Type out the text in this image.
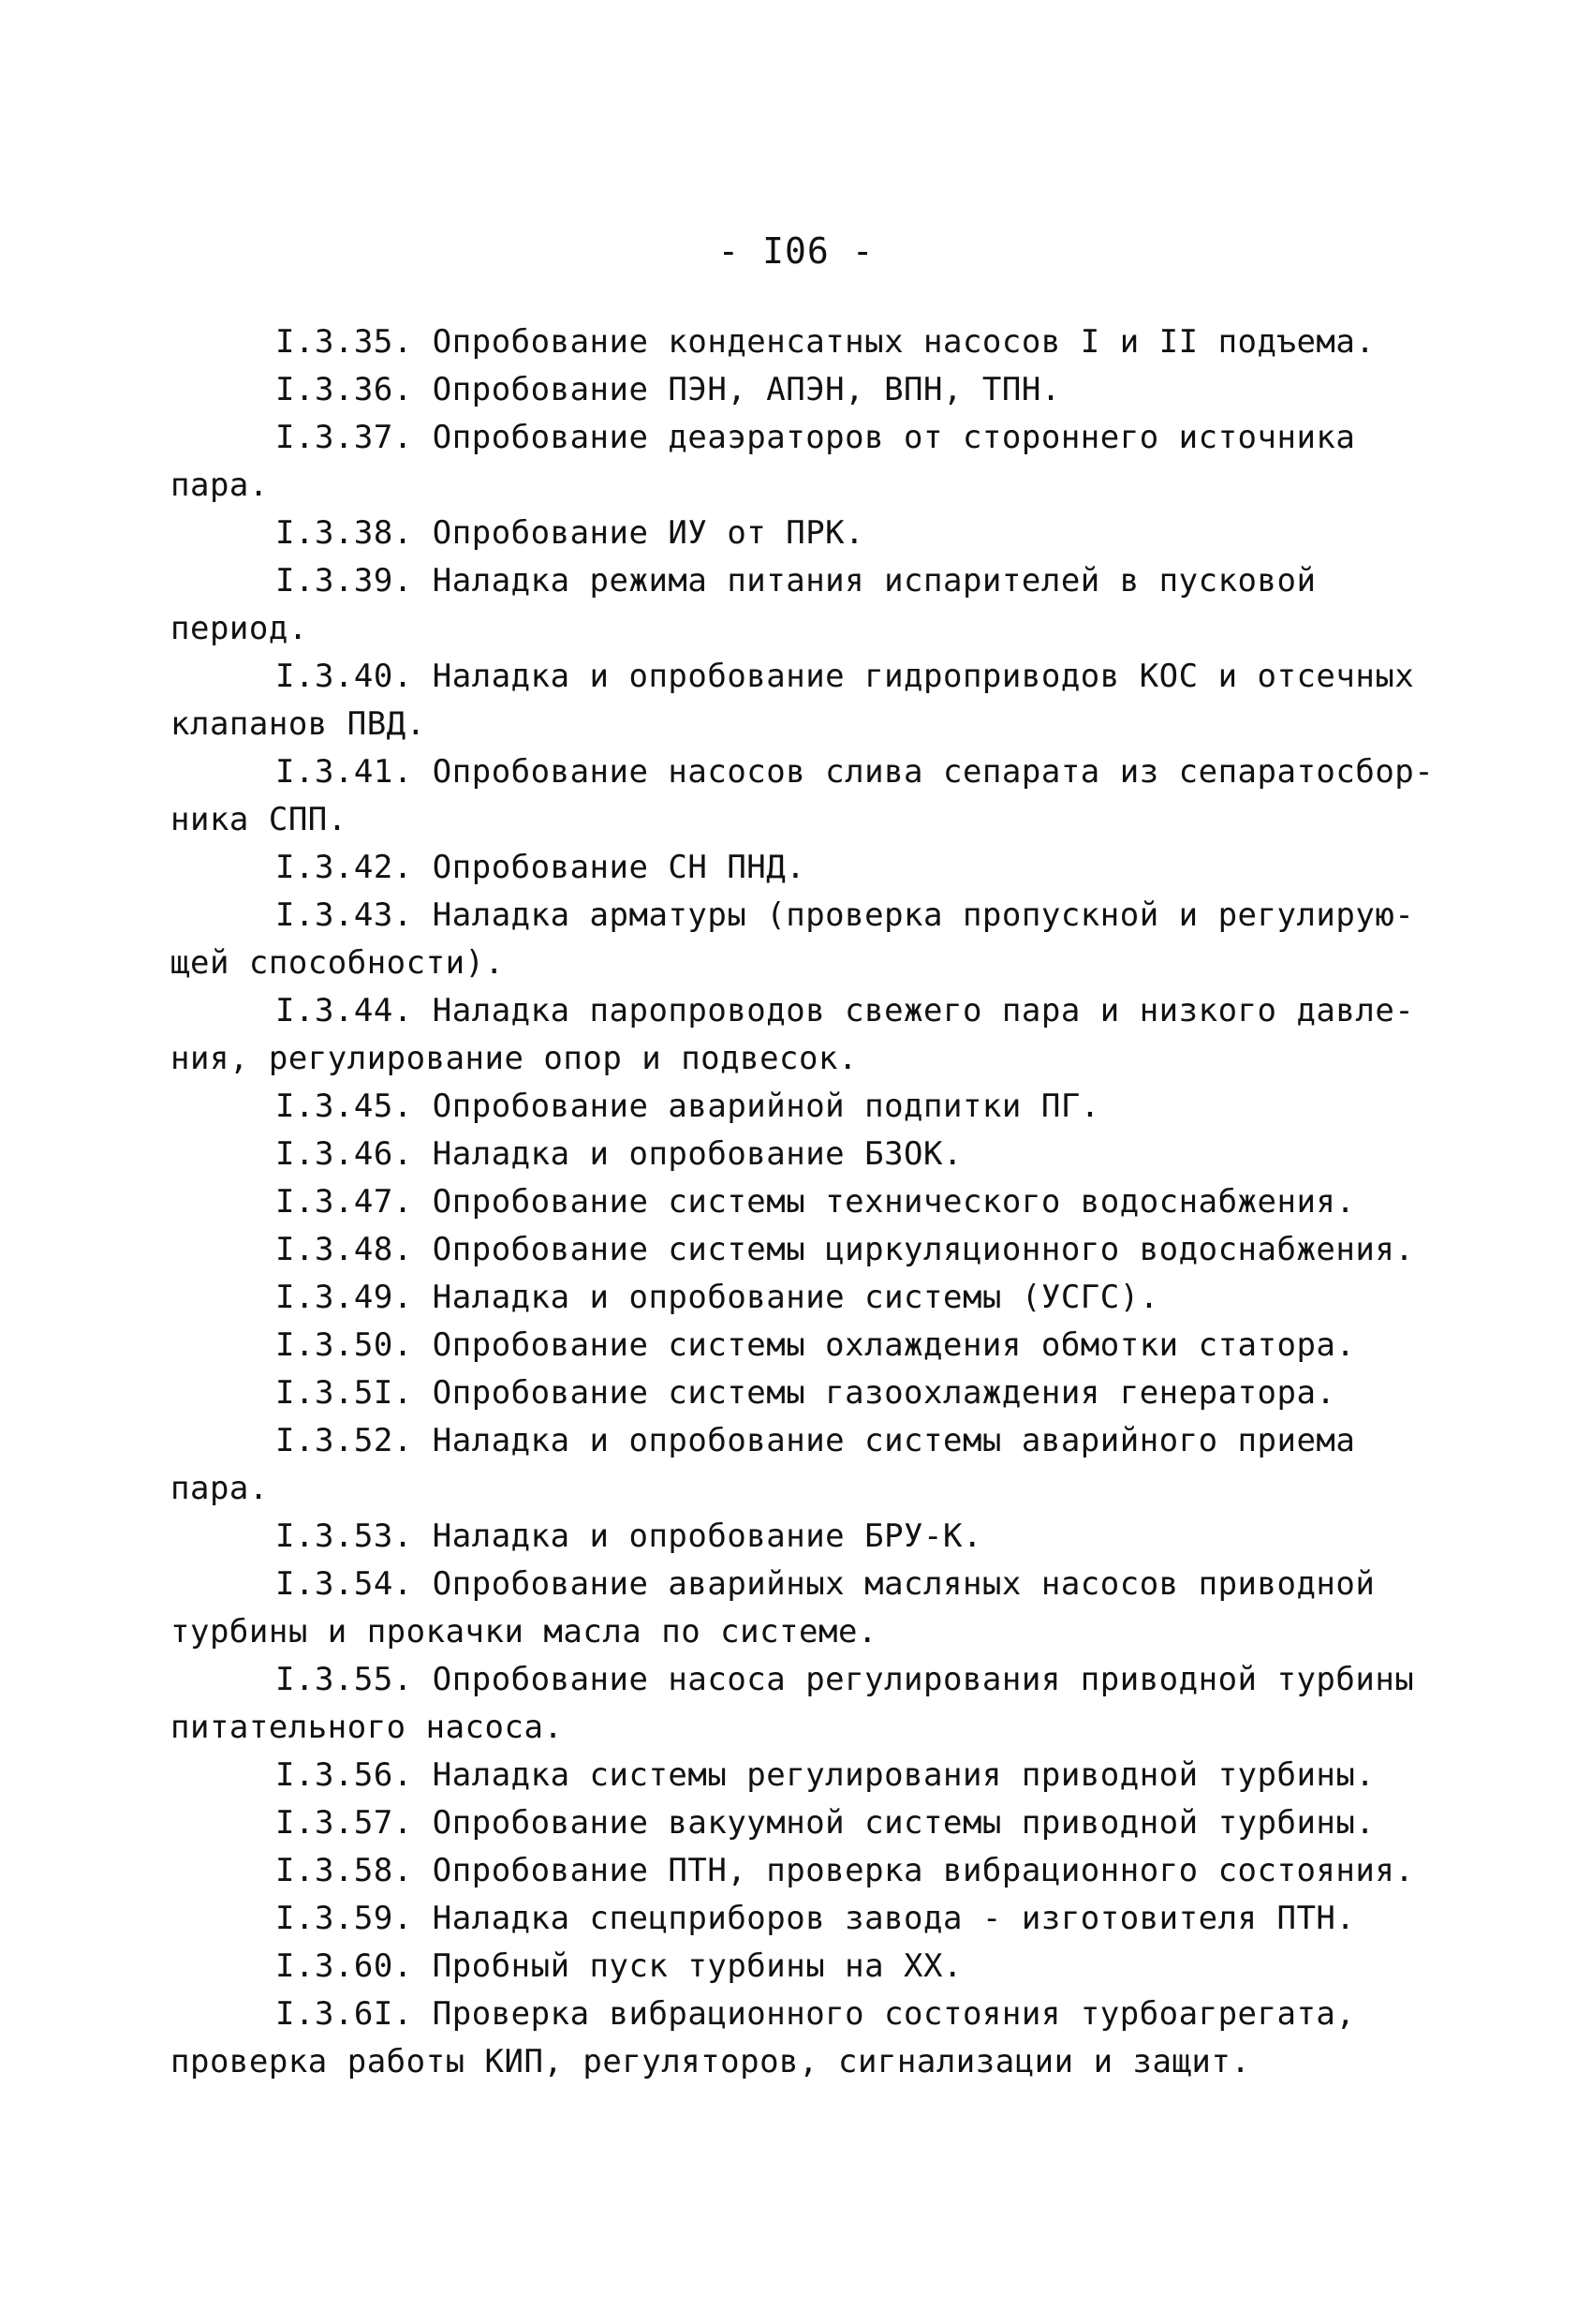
- I06 -
I.3.35. Опробование конденсатных насосов I и II подъема.
I.3.36. Опробование ПЭН, АПЭН, ВПН, ТПН.
I.3.37. Опробование деаэраторов от стороннего источника
пара.
I.3.38. Опробование ИУ от ПРК.
I.3.39. Наладка режима питания испарителей в пусковой
период.
I.3.40. Наладка и опробование гидроприводов КОС и отсечных
клапанов ПВД.
I.3.41. Опробование насосов слива сепарата из сепаратосбор-
ника СПП.
I.3.42. Опробование СН ПНД.
I.3.43. Наладка арматуры (проверка пропускной и регулирую-
щей способности).
I.3.44. Наладка паропроводов свежего пара и низкого давле-
ния, регулирование опор и подвесок.
I.3.45. Опробование аварийной подпитки ПГ.
I.3.46. Наладка и опробование БЗОК.
I.3.47. Опробование системы технического водоснабжения.
I.3.48. Опробование системы циркуляционного водоснабжения.
I.3.49. Наладка и опробование системы (УСГС).
I.3.50. Опробование системы охлаждения обмотки статора.
I.3.5I. Опробование системы газоохлаждения генератора.
I.3.52. Наладка и опробование системы аварийного приема
пара.
I.3.53. Наладка и опробование БРУ-К.
I.3.54. Опробование аварийных масляных насосов приводной
турбины и прокачки масла по системе.
I.3.55. Опробование насоса регулирования приводной турбины
питательного насоса.
I.3.56. Наладка системы регулирования приводной турбины.
I.3.57. Опробование вакуумной системы приводной турбины.
I.3.58. Опробование ПТН, проверка вибрационного состояния.
I.3.59. Наладка спецприборов завода - изготовителя ПТН.
I.3.60. Пробный пуск турбины на XX.
I.3.6I. Проверка вибрационного состояния турбоагрегата,
проверка работы КИП, регуляторов, сигнализации и защит.
